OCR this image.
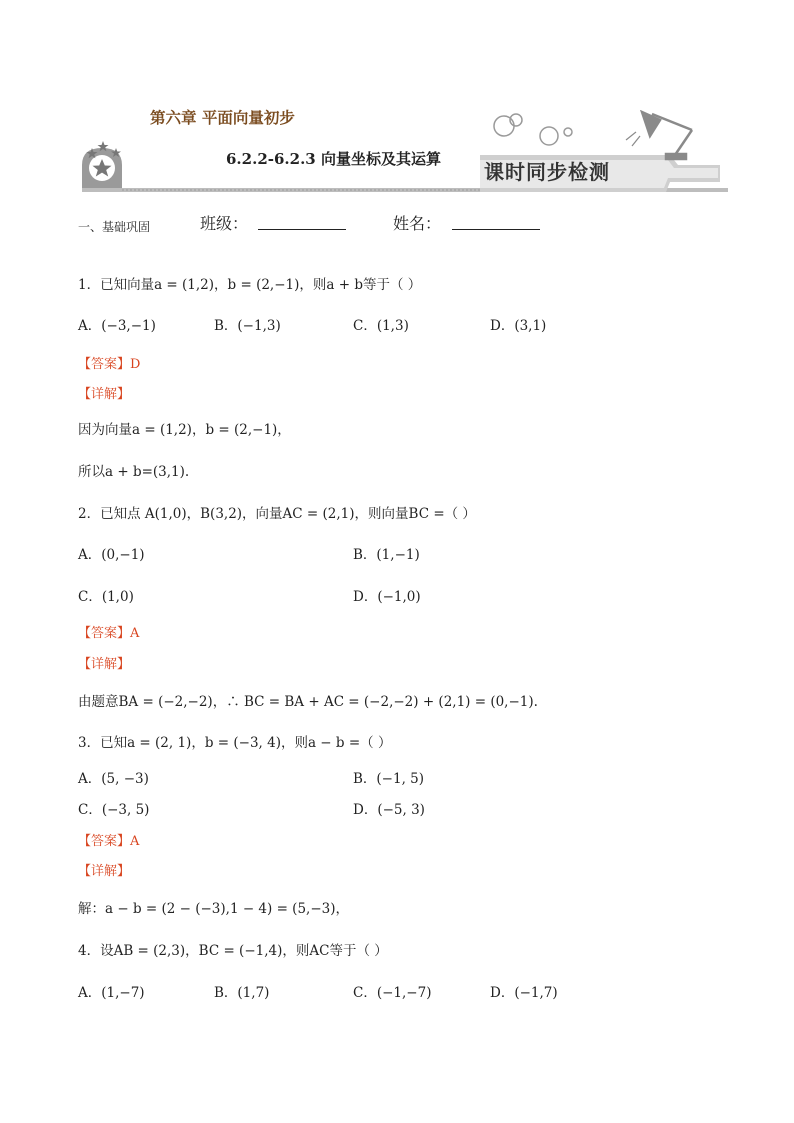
第六章 平面向量初步
6.2.2-6.2.3 向量坐标及其运算
课时同步检测
一、基础巩固	班级：	姓名：
1．已知向量a = (1,2)，b = (2,−1)，则a + b等于（ ）
A．(−3,−1)	B．(−1,3)	C．(1,3)	D．(3,1)
【答案】D
【详解】
因为向量a = (1,2)，b = (2,−1)，
所以a + b=(3,1).
2．已知点 A(1,0)，B(3,2)，向量AC = (2,1)，则向量BC =（ ）
A．(0,−1)	B．(1,−1)
C．(1,0)	D．(−1,0)
【答案】A
【详解】
由题意BA = (−2,−2)，∴ BC = BA + AC = (−2,−2) + (2,1) = (0,−1).
3．已知a = (2, 1)，b = (−3, 4)，则a − b =（ ）
A．(5, −3)	B．(−1, 5)
C．(−3, 5)	D．(−5, 3)
【答案】A
【详解】
解：a − b = (2 − (−3),1 − 4) = (5,−3)，
4．设AB = (2,3)，BC = (−1,4)，则AC等于（ ）
A．(1,−7)	B．(1,7)	C．(−1,−7)	D．(−1,7)
